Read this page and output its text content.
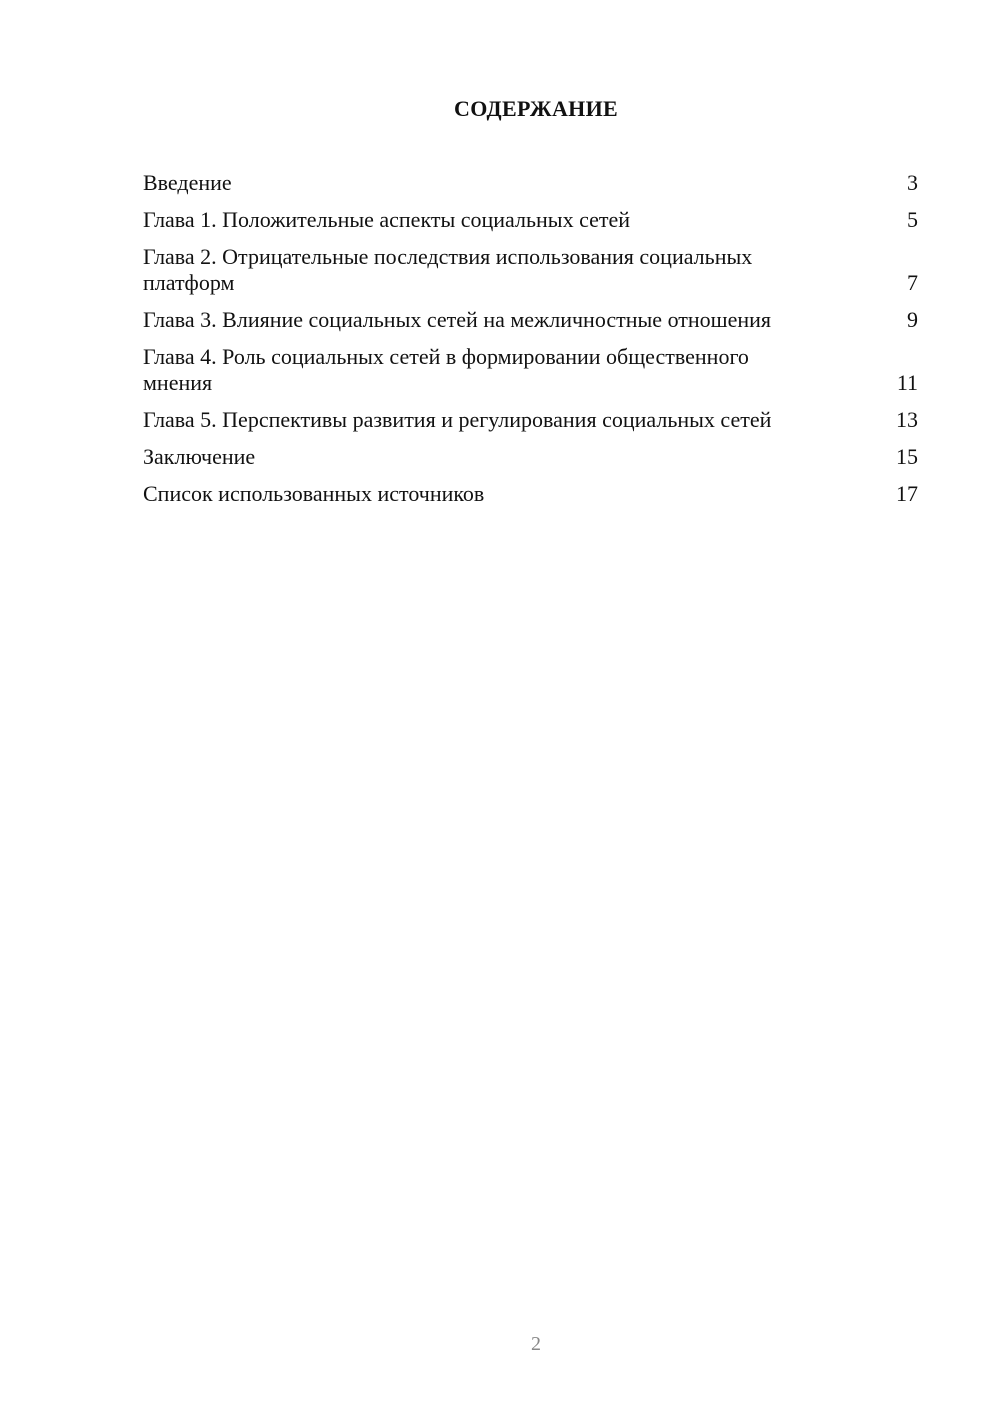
СОДЕРЖАНИЕ
Введение	3
Глава 1. Положительные аспекты социальных сетей	5
Глава 2. Отрицательные последствия использования социальных платформ	7
Глава 3. Влияние социальных сетей на межличностные отношения	9
Глава 4. Роль социальных сетей в формировании общественного мнения	11
Глава 5. Перспективы развития и регулирования социальных сетей	13
Заключение	15
Список использованных источников	17
2
